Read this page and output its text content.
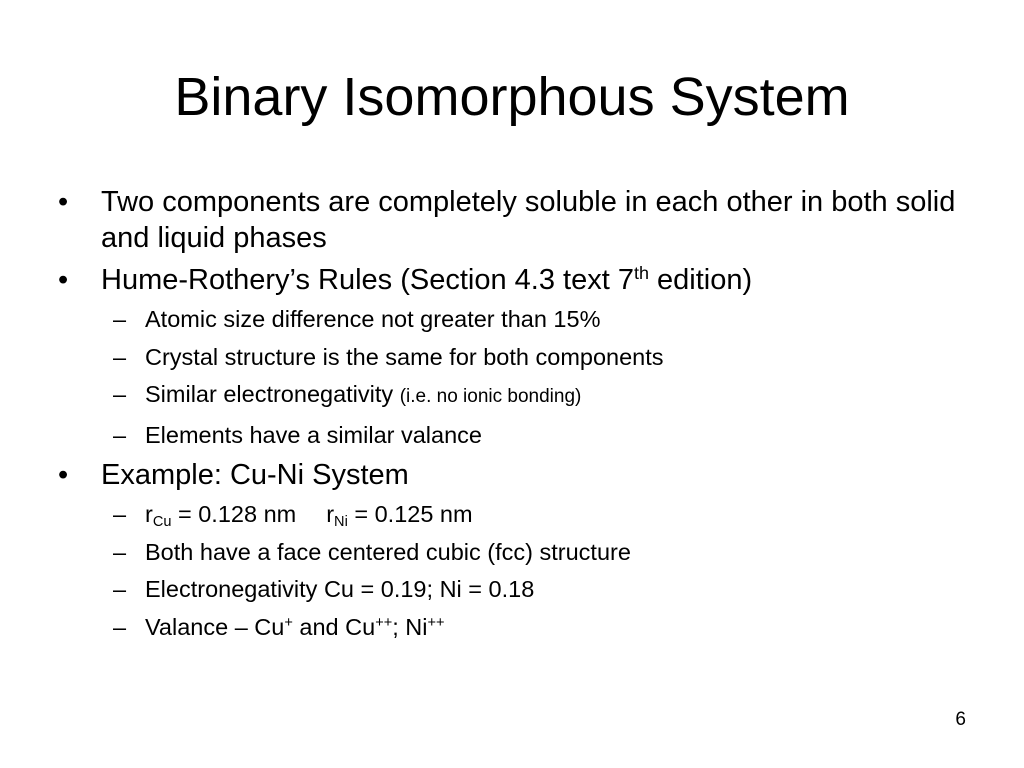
Binary Isomorphous System
• Two components are completely soluble in each other in both solid and liquid phases
• Hume-Rothery’s Rules (Section 4.3 text 7th edition)
– Atomic size difference not greater than 15%
– Crystal structure is the same for both components
– Similar electronegativity (i.e. no ionic bonding)
– Elements have a similar valance
• Example: Cu-Ni System
– $r_{Cu} = 0.128$ nm $r_{Ni} = 0.125$ nm
– Both have a face centered cubic (fcc) structure
– Electronegativity Cu = 0.19; Ni = 0.18
– Valance – Cu+ and Cu++; Ni++
6
